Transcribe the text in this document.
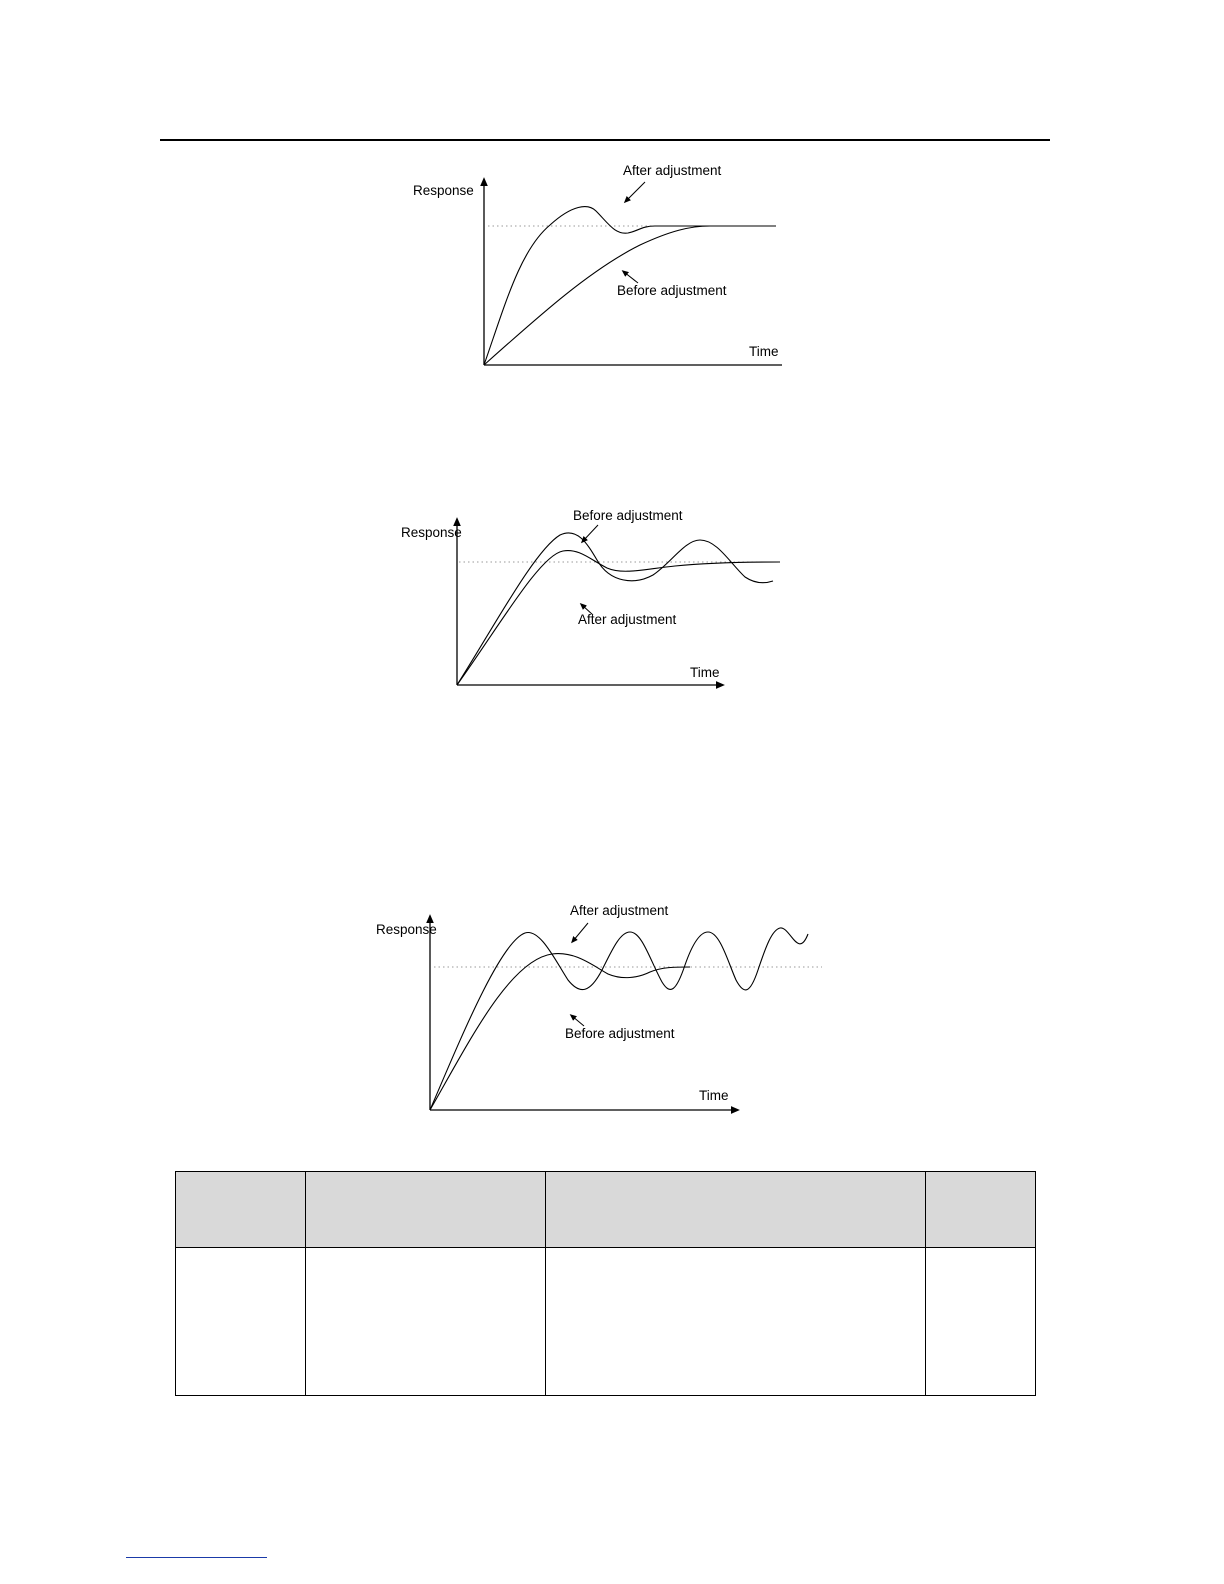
Response
Time
After adjustment
Before adjustment
Response
Time
Before adjustment
After adjustment
Response
Time
After adjustment
Before adjustment
